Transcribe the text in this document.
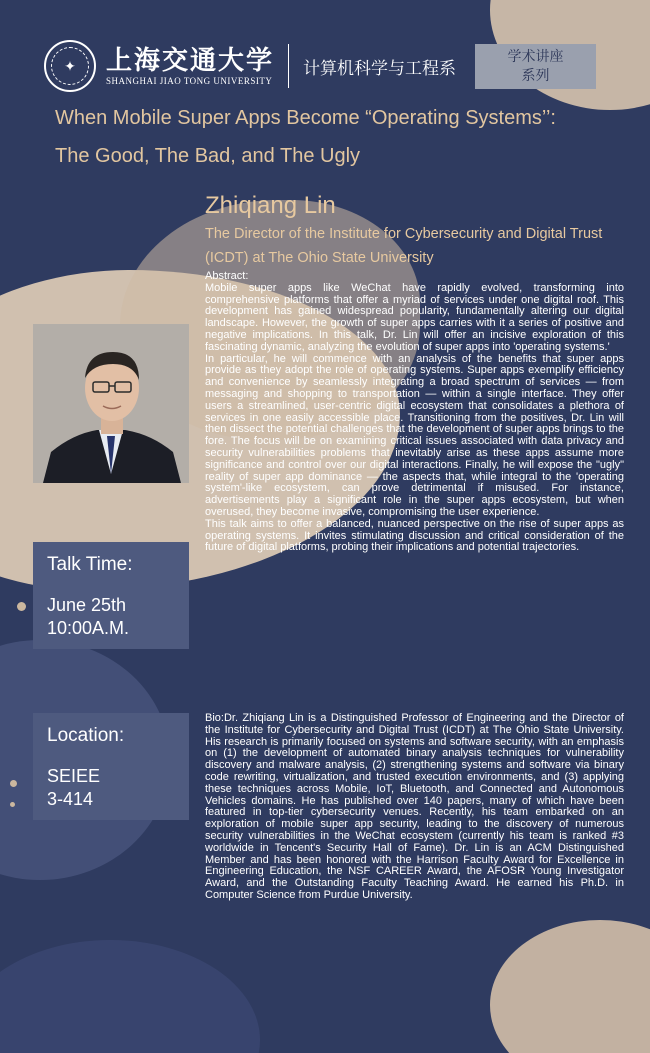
✦	上海交通大学
SHANGHAI JIAO TONG UNIVERSITY
计算机科学与工程系
学术讲座
系列
When Mobile Super Apps Become “Operating Systems’’:
The Good, The Bad, and The Ugly
Zhiqiang Lin
The Director of the Institute for Cybersecurity and Digital Trust (ICDT) at The Ohio State University

Abstract:

Mobile super apps like WeChat have rapidly evolved, transforming into comprehensive platforms that offer a myriad of services under one digital roof. This development has gained widespread popularity, fundamentally altering our digital landscape. However, the growth of super apps carries with it a series of positive and negative implications. In this talk, Dr. Lin will offer an incisive exploration of this fascinating dynamic, analyzing the evolution of super apps into 'operating systems.'

In particular, he will commence with an analysis of the benefits that super apps provide as they adopt the role of operating systems. Super apps exemplify efficiency and convenience by seamlessly integrating a broad spectrum of services — from messaging and shopping to transportation — within a single interface. They offer users a streamlined, user-centric digital ecosystem that consolidates a plethora of services in one easily accessible place. Transitioning from the positives, Dr. Lin will then dissect the potential challenges that the development of super apps brings to the fore. The focus will be on examining critical issues associated with data privacy and security vulnerabilities problems that inevitably arise as these apps assume more significance and control over our digital interactions. Finally, he will expose the "ugly" reality of super app dominance — the aspects that, while integral to the 'operating system'-like ecosystem, can prove detrimental if misused. For instance, advertisements play a significant role in the super apps ecosystem, but when overused, they become invasive, compromising the user experience.

This talk aims to offer a balanced, nuanced perspective on the rise of super apps as operating systems. It invites stimulating discussion and critical consideration of the future of digital platforms, probing their implications and potential trajectories.

Talk Time:
June 25th
10:00A.M.
Location:
SEIEE
3-414
Bio:Dr. Zhiqiang Lin is a Distinguished Professor of Engineering and the Director of the Institute for Cybersecurity and Digital Trust (ICDT) at The Ohio State University. His research is primarily focused on systems and software security, with an emphasis on (1) the development of automated binary analysis techniques for vulnerability discovery and malware analysis, (2) strengthening systems and software via binary code rewriting, virtualization, and trusted execution environments, and (3) applying these techniques across Mobile, IoT, Bluetooth, and Connected and Autonomous Vehicles domains. He has published over 140 papers, many of which have been featured in top-tier cybersecurity venues. Recently, his team embarked on an exploration of mobile super app security, leading to the discovery of numerous security vulnerabilities in the WeChat ecosystem (currently his team is ranked #3 worldwide in Tencent's Security Hall of Fame). Dr. Lin is an ACM Distinguished Member and has been honored with the Harrison Faculty Award for Excellence in Engineering Education, the NSF CAREER Award, the AFOSR Young Investigator Award, and the Outstanding Faculty Teaching Award. He earned his Ph.D. in Computer Science from Purdue University.
